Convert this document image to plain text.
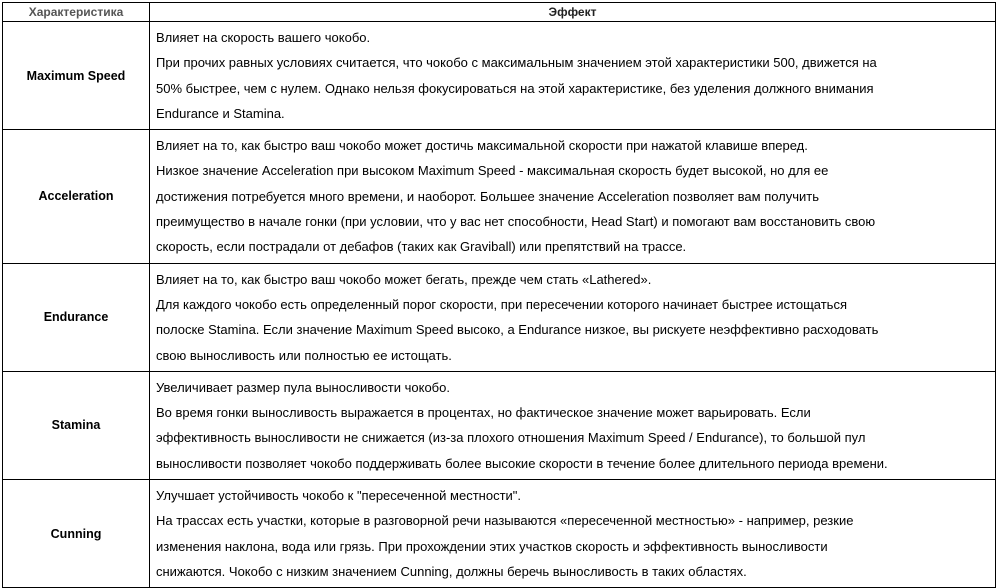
Характеристика	Эффект
Maximum Speed	Влияет на скорость вашего чокобо.
При прочих равных условиях считается, что чокобо с максимальным значением этой характеристики 500, движется на
50% быстрее, чем с нулем. Однако нельзя фокусироваться на этой характеристике, без уделения должного внимания
Endurance и Stamina.

Acceleration	Влияет на то, как быстро ваш чокобо может достичь максимальной скорости при нажатой клавише вперед.
Низкое значение Acceleration при высоком Maximum Speed - максимальная скорость будет высокой, но для ее
достижения потребуется много времени, и наоборот. Большее значение Acceleration позволяет вам получить
преимущество в начале гонки (при условии, что у вас нет способности, Head Start) и помогают вам восстановить свою
скорость, если пострадали от дебафов (таких как Graviball) или препятствий на трассе.

Endurance	Влияет на то, как быстро ваш чокобо может бегать, прежде чем стать «Lathered».
Для каждого чокобо есть определенный порог скорости, при пересечении которого начинает быстрее истощаться
полоске Stamina. Если значение Maximum Speed высоко, а Endurance низкое, вы рискуете неэффективно расходовать
свою выносливость или полностью ее истощать.

Stamina	Увеличивает размер пула выносливости чокобо.
Во время гонки выносливость выражается в процентах, но фактическое значение может варьировать. Если
эффективность выносливости не снижается (из-за плохого отношения Maximum Speed / Endurance), то большой пул
выносливости позволяет чокобо поддерживать более высокие скорости в течение более длительного периода времени.

Cunning	Улучшает устойчивость чокобо к "пересеченной местности".
На трассах есть участки, которые в разговорной речи называются «пересеченной местностью» - например, резкие
изменения наклона, вода или грязь. При прохождении этих участков скорость и эффективность выносливости
снижаются. Чокобо с низким значением Cunning, должны беречь выносливость в таких областях.
